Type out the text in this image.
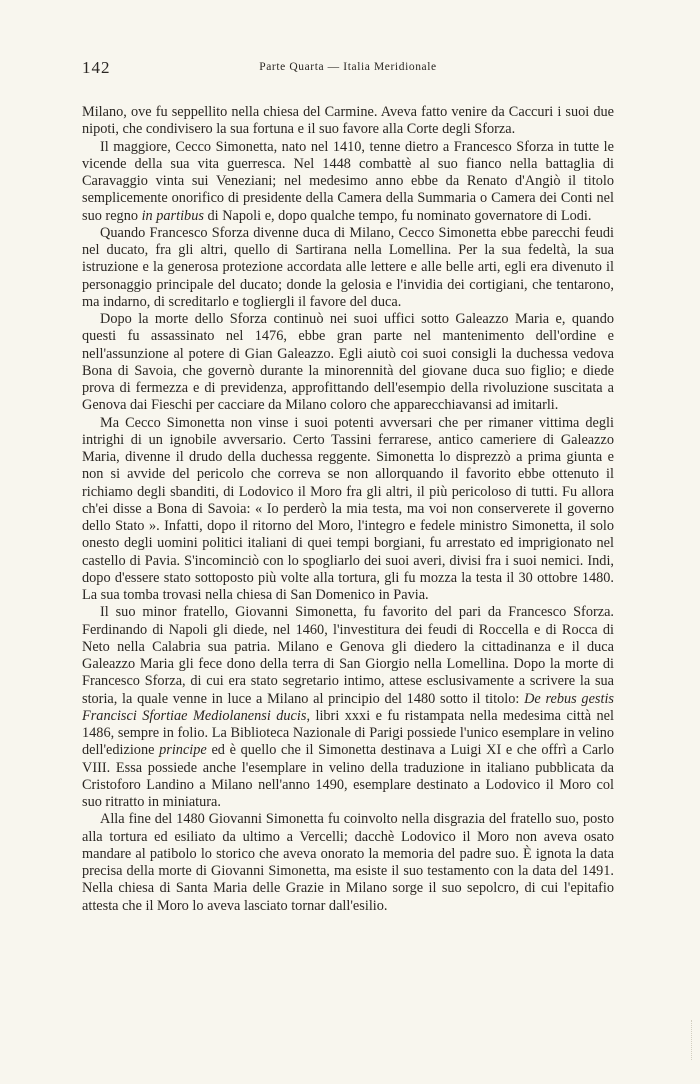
142	Parte Quarta — Italia Meridionale

Milano, ove fu seppellito nella chiesa del Carmine. Aveva fatto venire da Caccuri i suoi due nipoti, che condivisero la sua fortuna e il suo favore alla Corte degli Sforza.

Il maggiore, Cecco Simonetta, nato nel 1410, tenne dietro a Francesco Sforza in tutte le vicende della sua vita guerresca. Nel 1448 combattè al suo fianco nella battaglia di Caravaggio vinta sui Veneziani; nel medesimo anno ebbe da Renato d'Angiò il titolo semplicemente onorifico di presidente della Camera della Summaria o Camera dei Conti nel suo regno in partibus di Napoli e, dopo qualche tempo, fu nominato governatore di Lodi.

Quando Francesco Sforza divenne duca di Milano, Cecco Simonetta ebbe parecchi feudi nel ducato, fra gli altri, quello di Sartirana nella Lomellina. Per la sua fedeltà, la sua istruzione e la generosa protezione accordata alle lettere e alle belle arti, egli era divenuto il personaggio principale del ducato; donde la gelosia e l'invidia dei cortigiani, che tentarono, ma indarno, di screditarlo e togliergli il favore del duca.

Dopo la morte dello Sforza continuò nei suoi uffici sotto Galeazzo Maria e, quando questi fu assassinato nel 1476, ebbe gran parte nel mantenimento dell'ordine e nell'assunzione al potere di Gian Galeazzo. Egli aiutò coi suoi consigli la duchessa vedova Bona di Savoia, che governò durante la minorennità del giovane duca suo figlio; e diede prova di fermezza e di previdenza, approfittando dell'esempio della rivoluzione suscitata a Genova dai Fieschi per cacciare da Milano coloro che apparecchiavansi ad imitarli.

Ma Cecco Simonetta non vinse i suoi potenti avversari che per rimaner vittima degli intrighi di un ignobile avversario. Certo Tassini ferrarese, antico cameriere di Galeazzo Maria, divenne il drudo della duchessa reggente. Simonetta lo disprezzò a prima giunta e non si avvide del pericolo che correva se non allorquando il favorito ebbe ottenuto il richiamo degli sbanditi, di Lodovico il Moro fra gli altri, il più pericoloso di tutti. Fu allora ch'ei disse a Bona di Savoia: « Io perderò la mia testa, ma voi non conserverete il governo dello Stato ». Infatti, dopo il ritorno del Moro, l'integro e fedele ministro Simonetta, il solo onesto degli uomini politici italiani di quei tempi borgiani, fu arrestato ed imprigionato nel castello di Pavia. S'incominciò con lo spogliarlo dei suoi averi, divisi fra i suoi nemici. Indi, dopo d'essere stato sottoposto più volte alla tortura, gli fu mozza la testa il 30 ottobre 1480. La sua tomba trovasi nella chiesa di San Domenico in Pavia.

Il suo minor fratello, Giovanni Simonetta, fu favorito del pari da Francesco Sforza. Ferdinando di Napoli gli diede, nel 1460, l'investitura dei feudi di Roccella e di Rocca di Neto nella Calabria sua patria. Milano e Genova gli diedero la cittadinanza e il duca Galeazzo Maria gli fece dono della terra di San Giorgio nella Lomellina. Dopo la morte di Francesco Sforza, di cui era stato segretario intimo, attese esclusivamente a scrivere la sua storia, la quale venne in luce a Milano al principio del 1480 sotto il titolo: De rebus gestis Francisci Sfortiae Mediolanensi ducis, libri xxxi e fu ristampata nella medesima città nel 1486, sempre in folio. La Biblioteca Nazionale di Parigi possiede l'unico esemplare in velino dell'edizione principe ed è quello che il Simonetta destinava a Luigi XI e che offrì a Carlo VIII. Essa possiede anche l'esemplare in velino della traduzione in italiano pubblicata da Cristoforo Landino a Milano nell'anno 1490, esemplare destinato a Lodovico il Moro col suo ritratto in miniatura.

Alla fine del 1480 Giovanni Simonetta fu coinvolto nella disgrazia del fratello suo, posto alla tortura ed esiliato da ultimo a Vercelli; dacchè Lodovico il Moro non aveva osato mandare al patibolo lo storico che aveva onorato la memoria del padre suo. È ignota la data precisa della morte di Giovanni Simonetta, ma esiste il suo testamento con la data del 1491. Nella chiesa di Santa Maria delle Grazie in Milano sorge il suo sepolcro, di cui l'epitafio attesta che il Moro lo aveva lasciato tornar dall'esilio.
